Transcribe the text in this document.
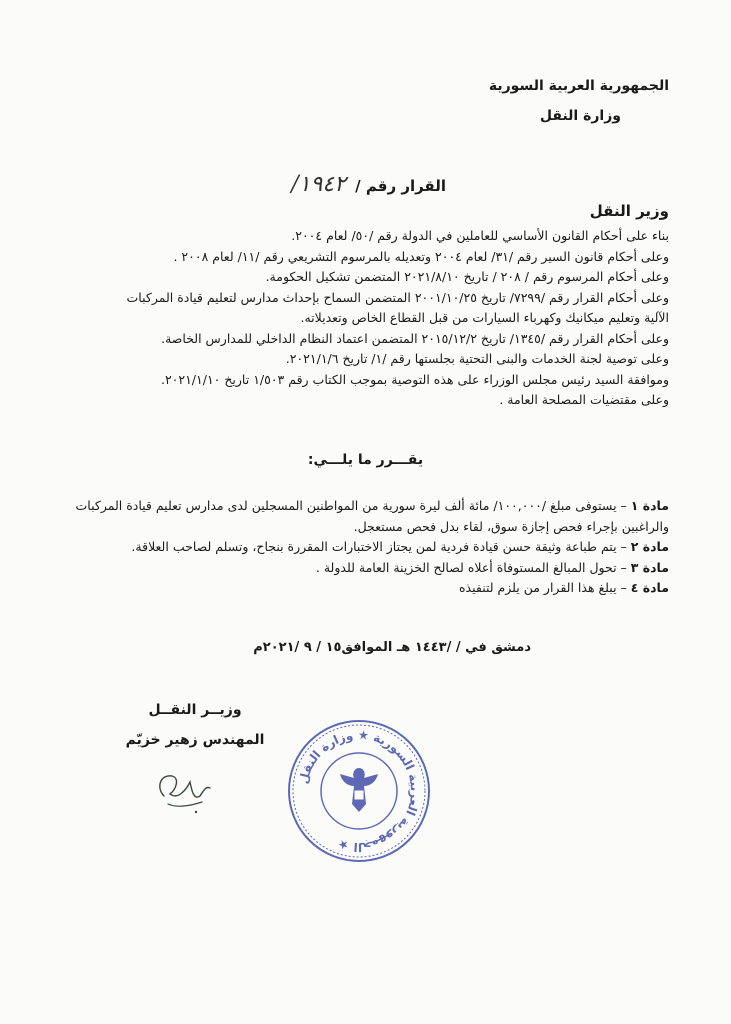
الجمهورية العربية السورية
وزارة النقل
القرار رقم / ١٩٤٢/
وزير النقل
بناء على أحكام القانون الأساسي للعاملين في الدولة رقم /٥٠/ لعام ٢٠٠٤.
وعلى أحكام قانون السير رقم /٣١/ لعام ٢٠٠٤ وتعديله بالمرسوم التشريعي رقم /١١/ لعام ٢٠٠٨ .
وعلى أحكام المرسوم رقم / ٢٠٨ / تاريخ ٢٠٢١/٨/١٠ المتضمن تشكيل الحكومة.
وعلى أحكام القرار رقم /٧٢٩٩/ تاريخ ٢٠٠١/١٠/٢٥ المتضمن السماح بإحداث مدارس لتعليم قيادة المركبات
الآلية وتعليم ميكانيك وكهرباء السيارات من قبل القطاع الخاص وتعديلاته.
وعلى أحكام القرار رقم /١٣٤٥/ تاريخ ٢٠١٥/١٢/٢ المتضمن اعتماد النظام الداخلي للمدارس الخاصة.
وعلى توصية لجنة الخدمات والبنى التحتية بجلستها رقم /١/ تاريخ ٢٠٢١/١/٦.
وموافقة السيد رئيس مجلس الوزراء على هذه التوصية بموجب الكتاب رقم ١/٥٠٣ تاريخ ٢٠٢١/١/١٠.
وعلى مقتضيات المصلحة العامة .
يقـــرر ما يلـــي:
مادة ١ – يستوفى مبلغ /١٠٠,٠٠٠/ مائة ألف ليرة سورية من المواطنين المسجلين لدى مدارس تعليم قيادة المركبات
والراغبين بإجراء فحص إجازة سوق، لقاء بدل فحص مستعجل.
مادة ٢ – يتم طباعة وثيقة حسن قيادة فردية لمن يجتاز الاختبارات المقررة بنجاح، وتسلم لصاحب العلاقة.
مادة ٣ – تحول المبالغ المستوفاة أعلاه لصالح الخزينة العامة للدولة .
مادة ٤ – يبلغ هذا القرار من يلزم لتنفيذه
دمشق في / /١٤٤٣ هـ الموافق١٥ / ٩ /٢٠٢١م
وزيــر النقــل
المهندس زهير خزيّم
الجمهورية العربية السورية ★ وزارة النقل ★
